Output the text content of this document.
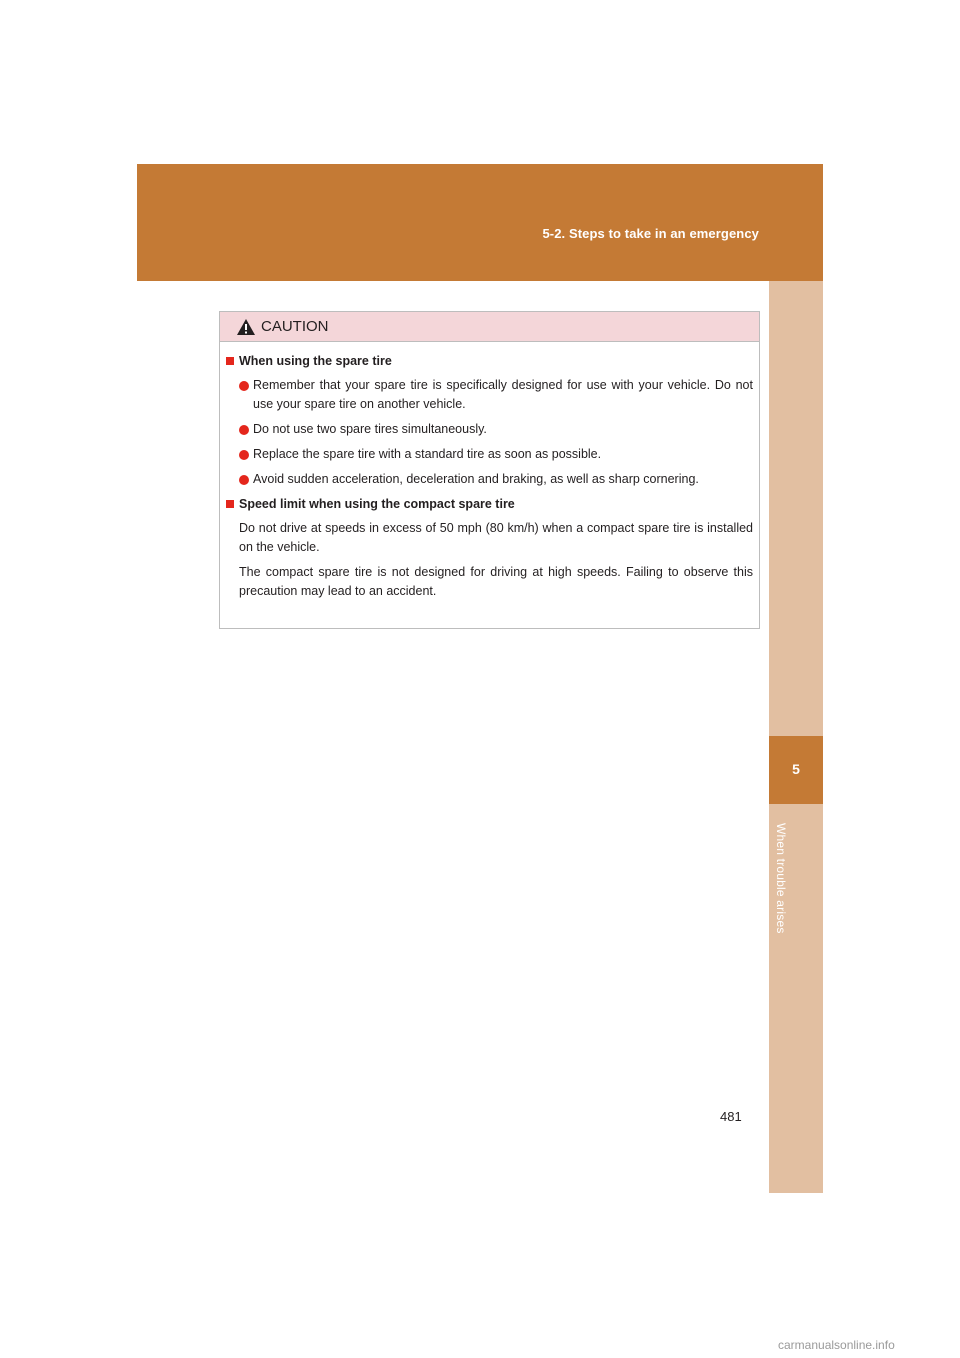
5-2. Steps to take in an emergency
5
When trouble arises
CAUTION
When using the spare tire
Remember that your spare tire is specifically designed for use with your vehicle. Do not use your spare tire on another vehicle.
Do not use two spare tires simultaneously.
Replace the spare tire with a standard tire as soon as possible.
Avoid sudden acceleration, deceleration and braking, as well as sharp cornering.
Speed limit when using the compact spare tire
Do not drive at speeds in excess of 50 mph (80 km/h) when a compact spare tire is installed on the vehicle.
The compact spare tire is not designed for driving at high speeds. Failing to observe this precaution may lead to an accident.
481
carmanualsonline.info
